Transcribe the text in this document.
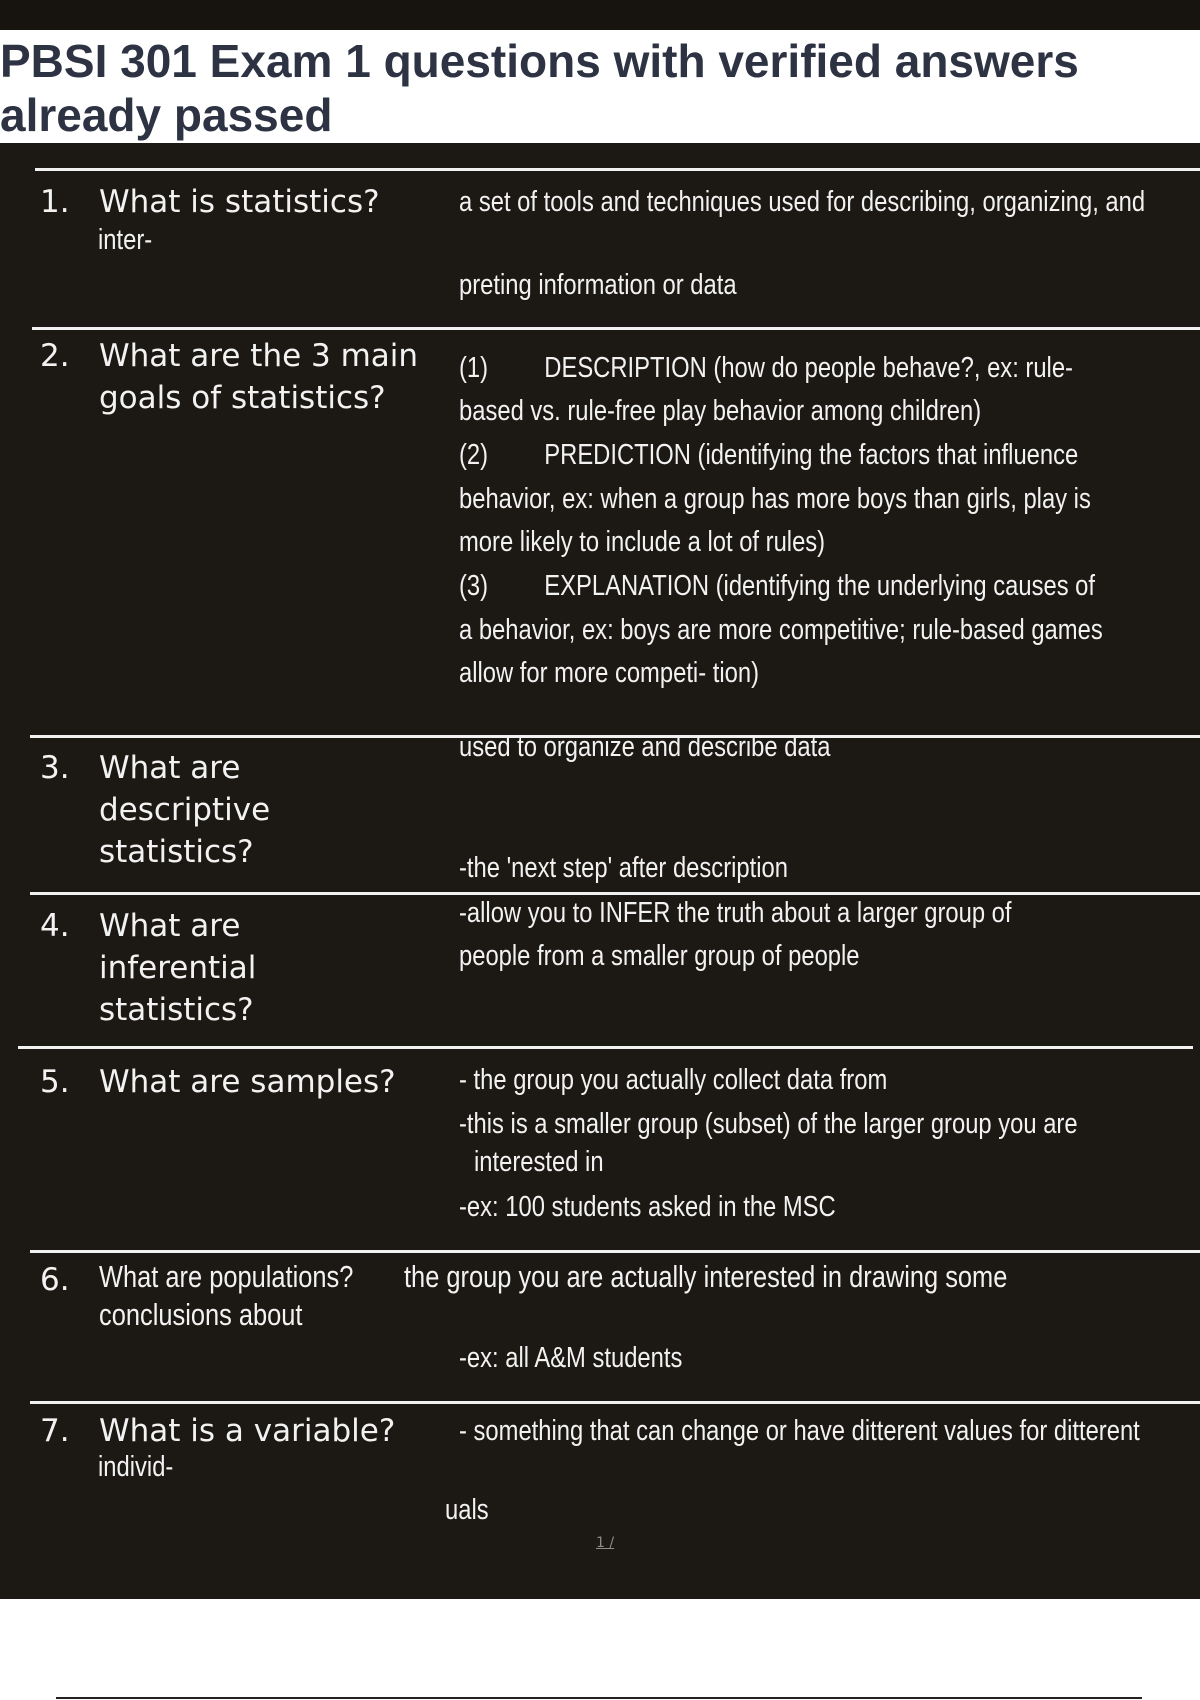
PBSI 301 Exam 1 questions with verified answers already passed
1. What is statistics?
inter-
a set of tools and techniques used for describing, organizing, and
preting information or data
2. What are the 3 main goals of statistics?
(1) DESCRIPTION (how do people behave?, ex: rule-
based vs. rule-free play behavior among children)
(2) PREDICTION (identifying the factors that influence
behavior, ex: when a group has more boys than girls, play is
more likely to include a lot of rules)
(3) EXPLANATION (identifying the underlying causes of
a behavior, ex: boys are more competitive; rule-based games
allow for more competi- tion)
3. What are descriptive statistics?
used to organize and describe data
-the 'next step' after description
4. What are inferential statistics?
-allow you to INFER the truth about a larger group of
people from a smaller group of people
5. What are samples?	- the group you actually collect data from
-this is a smaller group (subset) of the larger group you are
interested in
-ex: 100 students asked in the MSC
6. What are populations? the group you are actually interested in drawing some
conclusions about
-ex: all A&M students
7. What is a variable?
individ-
- something that can change or have ditterent values for ditterent
uals
1 /
